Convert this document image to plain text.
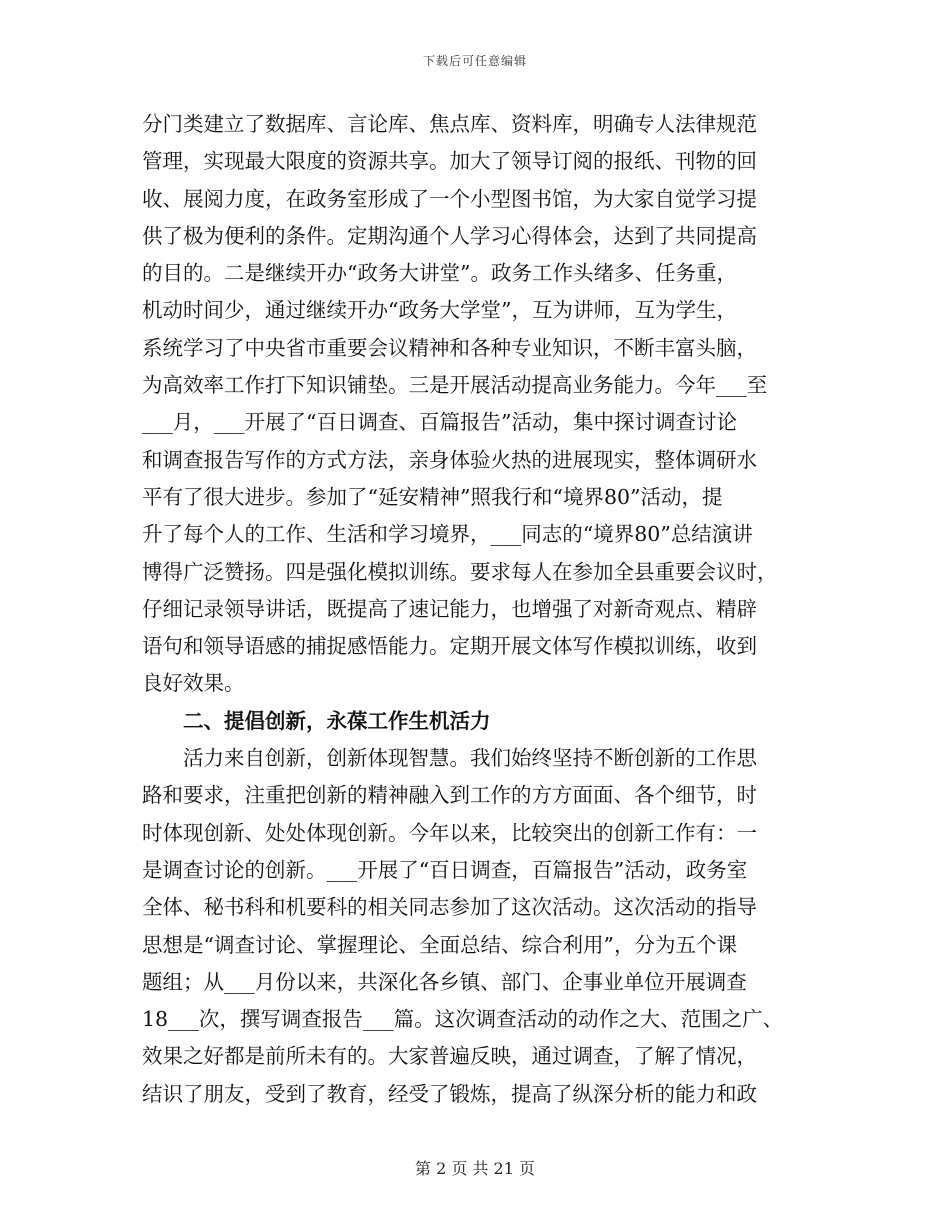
下载后可任意编辑
分门类建立了数据库、言论库、焦点库、资料库，明确专人法律规范
管理，实现最大限度的资源共享。加大了领导订阅的报纸、刊物的回
收、展阅力度，在政务室形成了一个小型图书馆，为大家自觉学习提
供了极为便利的条件。定期沟通个人学习心得体会，达到了共同提高
的目的。二是继续开办“政务大讲堂”。政务工作头绪多、任务重，
机动时间少，通过继续开办“政务大学堂”，互为讲师，互为学生，
系统学习了中央省市重要会议精神和各种专业知识，不断丰富头脑，
为高效率工作打下知识铺垫。三是开展活动提高业务能力。今年___至
___月，___开展了“百日调查、百篇报告”活动，集中探讨调查讨论
和调查报告写作的方式方法，亲身体验火热的进展现实，整体调研水
平有了很大进步。参加了“延安精神”照我行和“境界80”活动，提
升了每个人的工作、生活和学习境界，___同志的“境界80”总结演讲
博得广泛赞扬。四是强化模拟训练。要求每人在参加全县重要会议时，
仔细记录领导讲话，既提高了速记能力，也增强了对新奇观点、精辟
语句和领导语感的捕捉感悟能力。定期开展文体写作模拟训练，收到
良好效果。
　　二、提倡创新，永葆工作生机活力
　　活力来自创新，创新体现智慧。我们始终坚持不断创新的工作思
路和要求，注重把创新的精神融入到工作的方方面面、各个细节，时
时体现创新、处处体现创新。今年以来，比较突出的创新工作有：一
是调查讨论的创新。___开展了“百日调查，百篇报告”活动，政务室
全体、秘书科和机要科的相关同志参加了这次活动。这次活动的指导
思想是“调查讨论、掌握理论、全面总结、综合利用”，分为五个课
题组；从___月份以来，共深化各乡镇、部门、企事业单位开展调查
18___次，撰写调查报告___篇。这次调查活动的动作之大、范围之广、
效果之好都是前所未有的。大家普遍反映，通过调查，了解了情况，
结识了朋友，受到了教育，经受了锻炼，提高了纵深分析的能力和政
第 2 页 共 21 页
